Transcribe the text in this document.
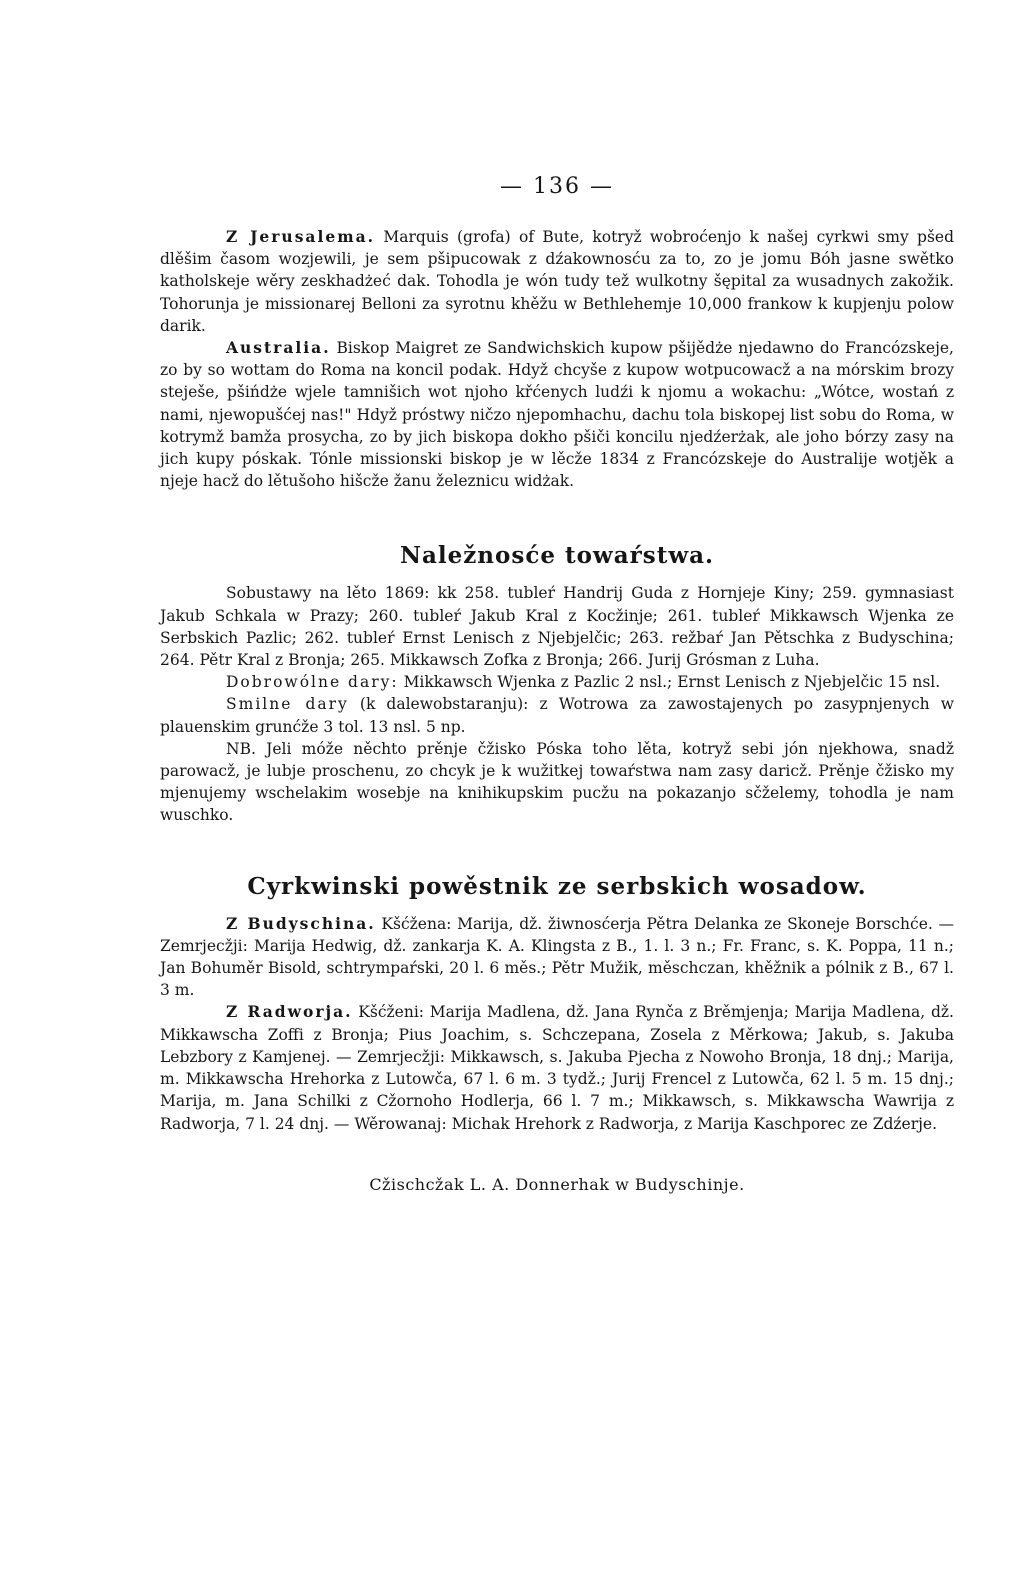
— 136 —

Z Jerusalema. Marquis (grofa) of Bute, kotryž wobroćenjo k našej cyrkwi smy pšed dlěšim časom wozjewili, je sem pšipucowak z dźakownosću za to, zo je jomu Bóh jasne swětko katholskeje wěry zeskhadżeć dak. Tohodla je wón tudy tež wulkotny šępital za wusadnych zakožik. Tohorunja je missionarej Belloni za syrotnu khěžu w Bethlehemje 10,000 frankow k kupjenju polow darik.

Australia. Biskop Maigret ze Sandwichskich kupow pšijědże njedawno do Francózskeje, zo by so wottam do Roma na koncil podak. Hdyž chcyše z kupow wotpucowacž a na mórskim brozy steješe, pšińdże wjele tamnišich wot njoho křćenych ludźi k njomu a wokachu: „Wótce, wostań z nami, njewopušćej nas!" Hdyž próstwy ničzo njepomhachu, dachu tola biskopej list sobu do Roma, w kotrymž bamža prosycha, zo by jich biskopa dokho pšiči koncilu njedźerżak, ale joho bórzy zasy na jich kupy póskak. Tónle missionski biskop je w lěcže 1834 z Francózskeje do Australije wotjěk a njeje hacž do lětušoho hišcže žanu železnicu widżak.

Naležnosće towaŕstwa.

Sobustawy na lěto 1869: kk 258. tubleŕ Handrij Guda z Hornjeje Kiny; 259. gymnasiast Jakub Schkala w Prazy; 260. tubleŕ Jakub Kral z Kocžinje; 261. tubleŕ Mikkawsch Wjenka ze Serbskich Pazlic; 262. tubleŕ Ernst Lenisch z Njebjelčic; 263. režbaŕ Jan Pětschka z Budyschina; 264. Pětr Kral z Bronja; 265. Mikkawsch Zofka z Bronja; 266. Jurij Grósman z Luha.

Dobrowólne dary: Mikkawsch Wjenka z Pazlic 2 nsl.; Ernst Lenisch z Njebjelčic 15 nsl.

Smilne dary (k dalewobstaranju): z Wotrowa za zawostajenych po zasypnjenych w plauenskim grunćže 3 tol. 13 nsl. 5 np.

NB. Jeli móže něchto prěnje čžisko Póska toho lěta, kotryž sebi jón njekhowa, snadž parowacž, je lubje proschenu, zo chcyk je k wužitkej towaŕstwa nam zasy daricž. Prěnje čžisko my mjenujemy wschelakim wosebje na knihikupskim pucžu na pokazanjo sčželemy, tohodla je nam wuschko.

Cyrkwinski powěstnik ze serbskich wosadow.

Z Budyschina. Kšćžena: Marija, dž. žiwnosćerja Pětra Delanka ze Skoneje Borschće. — Zemrjecžji: Marija Hedwig, dž. zankarja K. A. Klingsta z B., 1. l. 3 n.; Fr. Franc, s. K. Poppa, 11 n.; Jan Bohuměr Bisold, schtrympaŕski, 20 l. 6 měs.; Pětr Mužik, měschczan, khěžnik a pólnik z B., 67 l. 3 m.

Z Radworja. Kšćženi: Marija Madlena, dž. Jana Rynča z Brěmjenja; Marija Madlena, dž. Mikkawscha Zoffi z Bronja; Pius Joachim, s. Schczepana, Zosela z Měrkowa; Jakub, s. Jakuba Lebzbory z Kamjenej. — Zemrjecžji: Mikkawsch, s. Jakuba Pjecha z Nowoho Bronja, 18 dnj.; Marija, m. Mikkawscha Hrehorka z Lutowča, 67 l. 6 m. 3 tydž.; Jurij Frencel z Lutowča, 62 l. 5 m. 15 dnj.; Marija, m. Jana Schilki z Cžornoho Hodlerja, 66 l. 7 m.; Mikkawsch, s. Mikkawscha Wawrija z Radworja, 7 l. 24 dnj. — Wěrowanaj: Michak Hrehork z Radworja, z Marija Kaschporec ze Zdźerje.

Cžischcžak L. A. Donnerhak w Budyschinje.
